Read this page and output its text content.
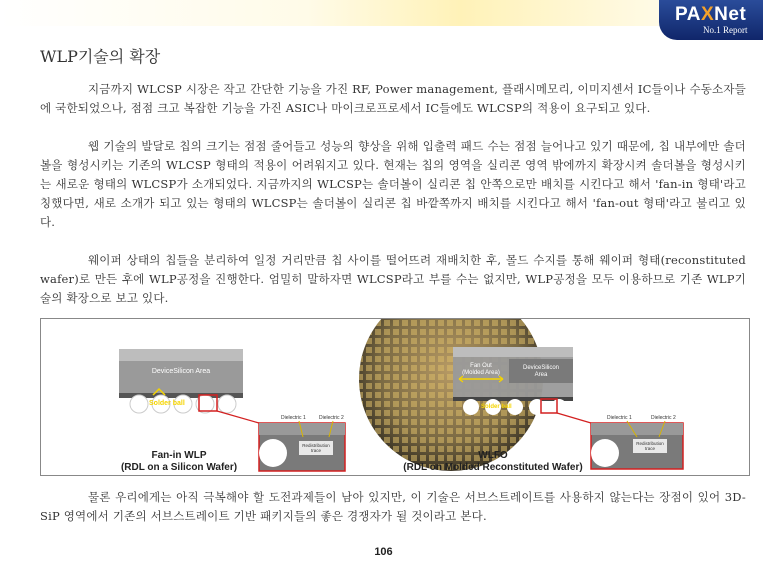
PAXNet
No.1 Report
WLP기술의 확장
지금까지 WLCSP 시장은 작고 간단한 기능을 가진 RF, Power management, 플래시메모리, 이미지센서 IC들이나 수동소자들에 국한되었으나, 점점 크고 복잡한 기능을 가진 ASIC나 마이크로프로세서 IC들에도 WLCSP의 적용이 요구되고 있다.
웹 기술의 발달로 칩의 크기는 점점 줄어들고 성능의 향상을 위해 입출력 패드 수는 점점 늘어나고 있기 때문에, 칩 내부에만 솔더볼을 형성시키는 기존의 WLCSP 형태의 적용이 어려워지고 있다. 현재는 칩의 영역을 실리콘 영역 밖에까지 확장시켜 솔더볼을 형성시키는 새로운 형태의 WLCSP가 소개되었다. 지금까지의 WLCSP는 솔더볼이 실리콘 칩 안쪽으로만 배치를 시킨다고 해서 'fan-in 형태'라고 칭했다면, 새로 소개가 되고 있는 형태의 WLCSP는 솔더볼이 실리콘 칩 바깥쪽까지 배치를 시킨다고 해서 'fan-out 형태'라고 불리고 있다.
웨이퍼 상태의 칩들을 분리하여 일정 거리만큼 칩 사이를 떨어뜨려 재배치한 후, 몰드 수지를 통해 웨이퍼 형태(reconstituted wafer)로 만든 후에 WLP공정을 진행한다. 엄밀히 말하자면 WLCSP라고 부를 수는 없지만, WLP공정을 모두 이용하므로 기존 WLP기술의 확장으로 보고 있다.
DeviceSilicon Area
Solder ball
Redistribution
trace
Dielectric 1	Dielectric 2
Fan Out
(Molded Area)
DeviceSilicon
Area
Solder ball
Redistribution
trace
Dielectric 1	Dielectric 2
Fan-in WLP
(RDL on a Silicon Wafer)
WLFO
(RDL on Molded Reconstituted Wafer)
물론 우리에게는 아직 극복해야 할 도전과제들이 남아 있지만, 이 기술은 서브스트레이트를 사용하지 않는다는 장점이 있어 3D-SiP 영역에서 기존의 서브스트레이트 기반 패키지들의 좋은 경쟁자가 될 것이라고 본다.
106
